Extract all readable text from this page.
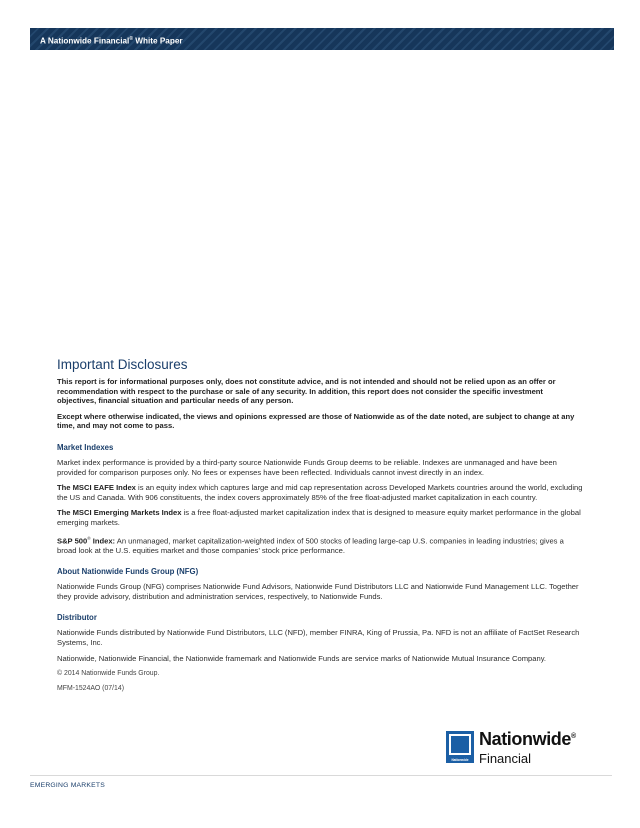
A Nationwide Financial® White Paper
Important Disclosures

This report is for informational purposes only, does not constitute advice, and is not intended and should not be relied upon as an offer or recommendation with respect to the purchase or sale of any security. In addition, this report does not consider the specific investment objectives, financial situation and particular needs of any person.

Except where otherwise indicated, the views and opinions expressed are those of Nationwide as of the date noted, are subject to change at any time, and may not come to pass.

Market Indexes

Market index performance is provided by a third-party source Nationwide Funds Group deems to be reliable. Indexes are unmanaged and have been provided for comparison purposes only. No fees or expenses have been reflected. Individuals cannot invest directly in an index.

The MSCI EAFE Index is an equity index which captures large and mid cap representation across Developed Markets countries around the world, excluding the US and Canada. With 906 constituents, the index covers approximately 85% of the free float-adjusted market capitalization in each country.

The MSCI Emerging Markets Index is a free float-adjusted market capitalization index that is designed to measure equity market performance in the global emerging markets.

S&P 500® Index: An unmanaged, market capitalization-weighted index of 500 stocks of leading large-cap U.S. companies in leading industries; gives a broad look at the U.S. equities market and those companies’ stock price performance.

About Nationwide Funds Group (NFG)

Nationwide Funds Group (NFG) comprises Nationwide Fund Advisors, Nationwide Fund Distributors LLC and Nationwide Fund Management LLC. Together they provide advisory, distribution and administration services, respectively, to Nationwide Funds.

Distributor

Nationwide Funds distributed by Nationwide Fund Distributors, LLC (NFD), member FINRA, King of Prussia, Pa. NFD is not an affiliate of FactSet Research Systems, Inc.

Nationwide, Nationwide Financial, the Nationwide framemark and Nationwide Funds are service marks of Nationwide Mutual Insurance Company.

© 2014 Nationwide Funds Group.

MFM-1524AO (07/14)

Nationwide
Nationwide®
Financial
EMERGING MARKETS
